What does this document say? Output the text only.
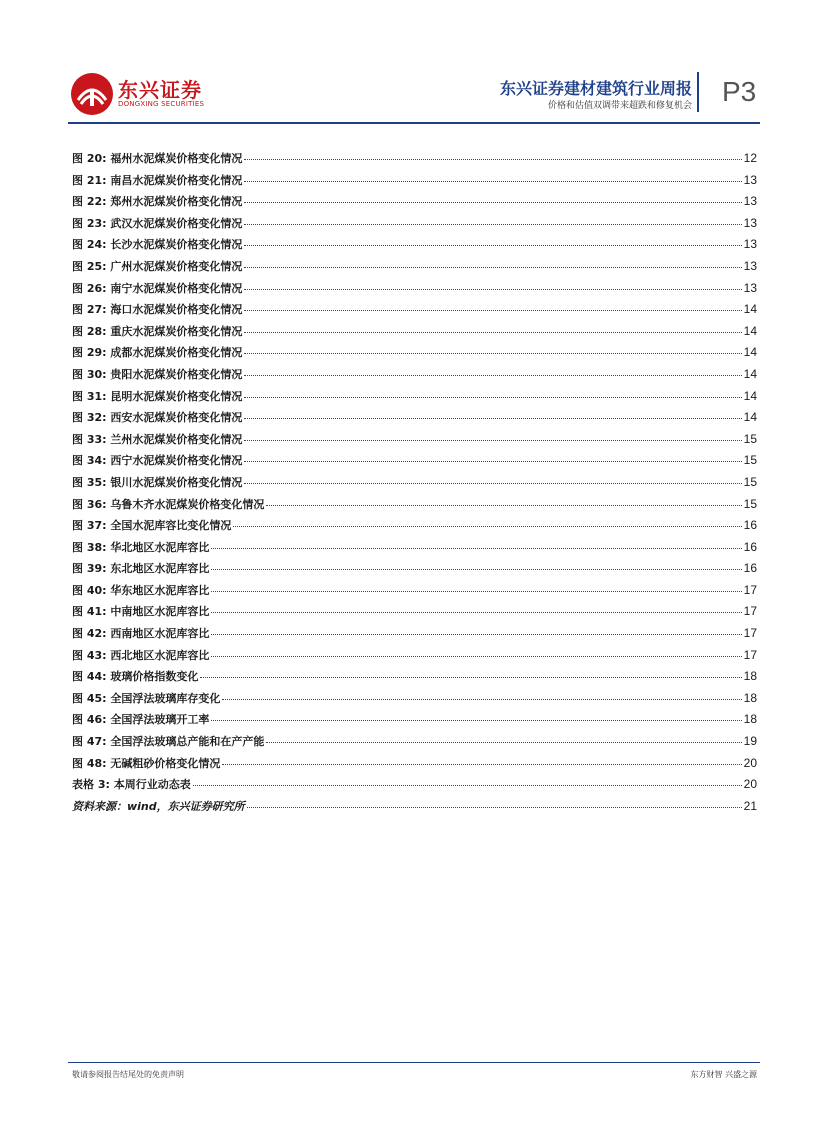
东兴证券
DONGXING SECURITIES
东兴证券建材建筑行业周报
价格和估值双调带来超跌和修复机会 P3
图 20: 福州水泥煤炭价格变化情况	12
图 21: 南昌水泥煤炭价格变化情况	13
图 22: 郑州水泥煤炭价格变化情况	13
图 23: 武汉水泥煤炭价格变化情况	13
图 24: 长沙水泥煤炭价格变化情况	13
图 25: 广州水泥煤炭价格变化情况	13
图 26: 南宁水泥煤炭价格变化情况	13
图 27: 海口水泥煤炭价格变化情况	14
图 28: 重庆水泥煤炭价格变化情况	14
图 29: 成都水泥煤炭价格变化情况	14
图 30: 贵阳水泥煤炭价格变化情况	14
图 31: 昆明水泥煤炭价格变化情况	14
图 32: 西安水泥煤炭价格变化情况	14
图 33: 兰州水泥煤炭价格变化情况	15
图 34: 西宁水泥煤炭价格变化情况	15
图 35: 银川水泥煤炭价格变化情况	15
图 36: 乌鲁木齐水泥煤炭价格变化情况	15
图 37: 全国水泥库容比变化情况	16
图 38: 华北地区水泥库容比	16
图 39: 东北地区水泥库容比	16
图 40: 华东地区水泥库容比	17
图 41: 中南地区水泥库容比	17
图 42: 西南地区水泥库容比	17
图 43: 西北地区水泥库容比	17
图 44: 玻璃价格指数变化	18
图 45: 全国浮法玻璃库存变化	18
图 46: 全国浮法玻璃开工率	18
图 47: 全国浮法玻璃总产能和在产产能	19
图 48: 无碱粗砂价格变化情况	20
表格 3: 本周行业动态表	20
资料来源：wind，东兴证券研究所	21
敬请参阅报告结尾处的免责声明	东方财智 兴盛之源
